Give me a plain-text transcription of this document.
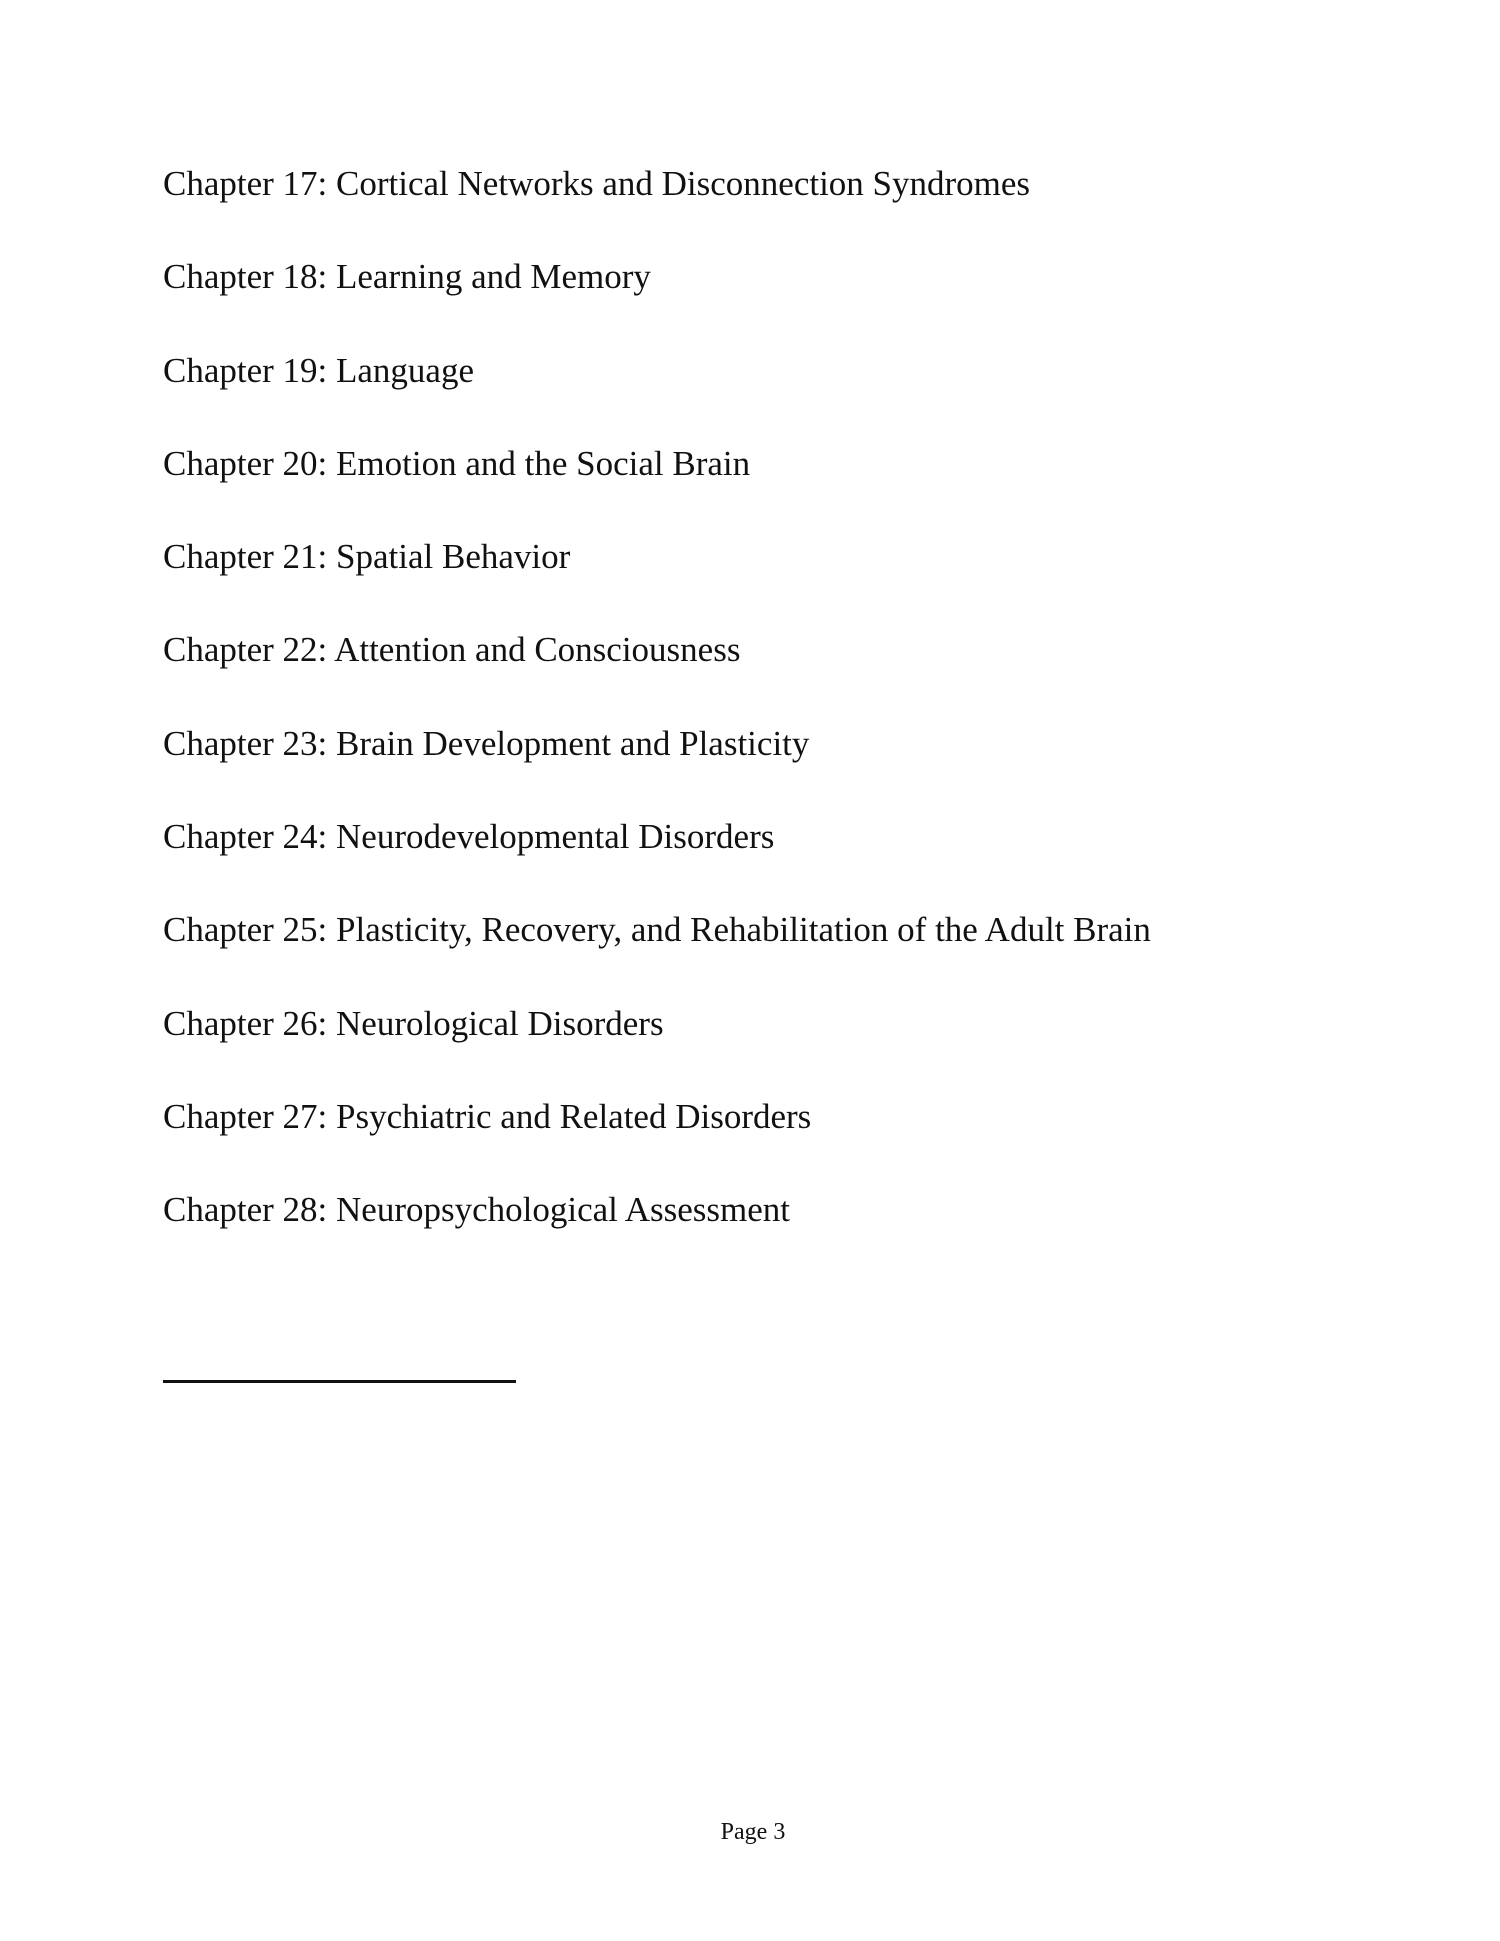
Chapter 17: Cortical Networks and Disconnection Syndromes
Chapter 18: Learning and Memory
Chapter 19: Language
Chapter 20: Emotion and the Social Brain
Chapter 21: Spatial Behavior
Chapter 22: Attention and Consciousness
Chapter 23: Brain Development and Plasticity
Chapter 24: Neurodevelopmental Disorders
Chapter 25: Plasticity, Recovery, and Rehabilitation of the Adult Brain
Chapter 26: Neurological Disorders
Chapter 27: Psychiatric and Related Disorders
Chapter 28: Neuropsychological Assessment
Page 3
